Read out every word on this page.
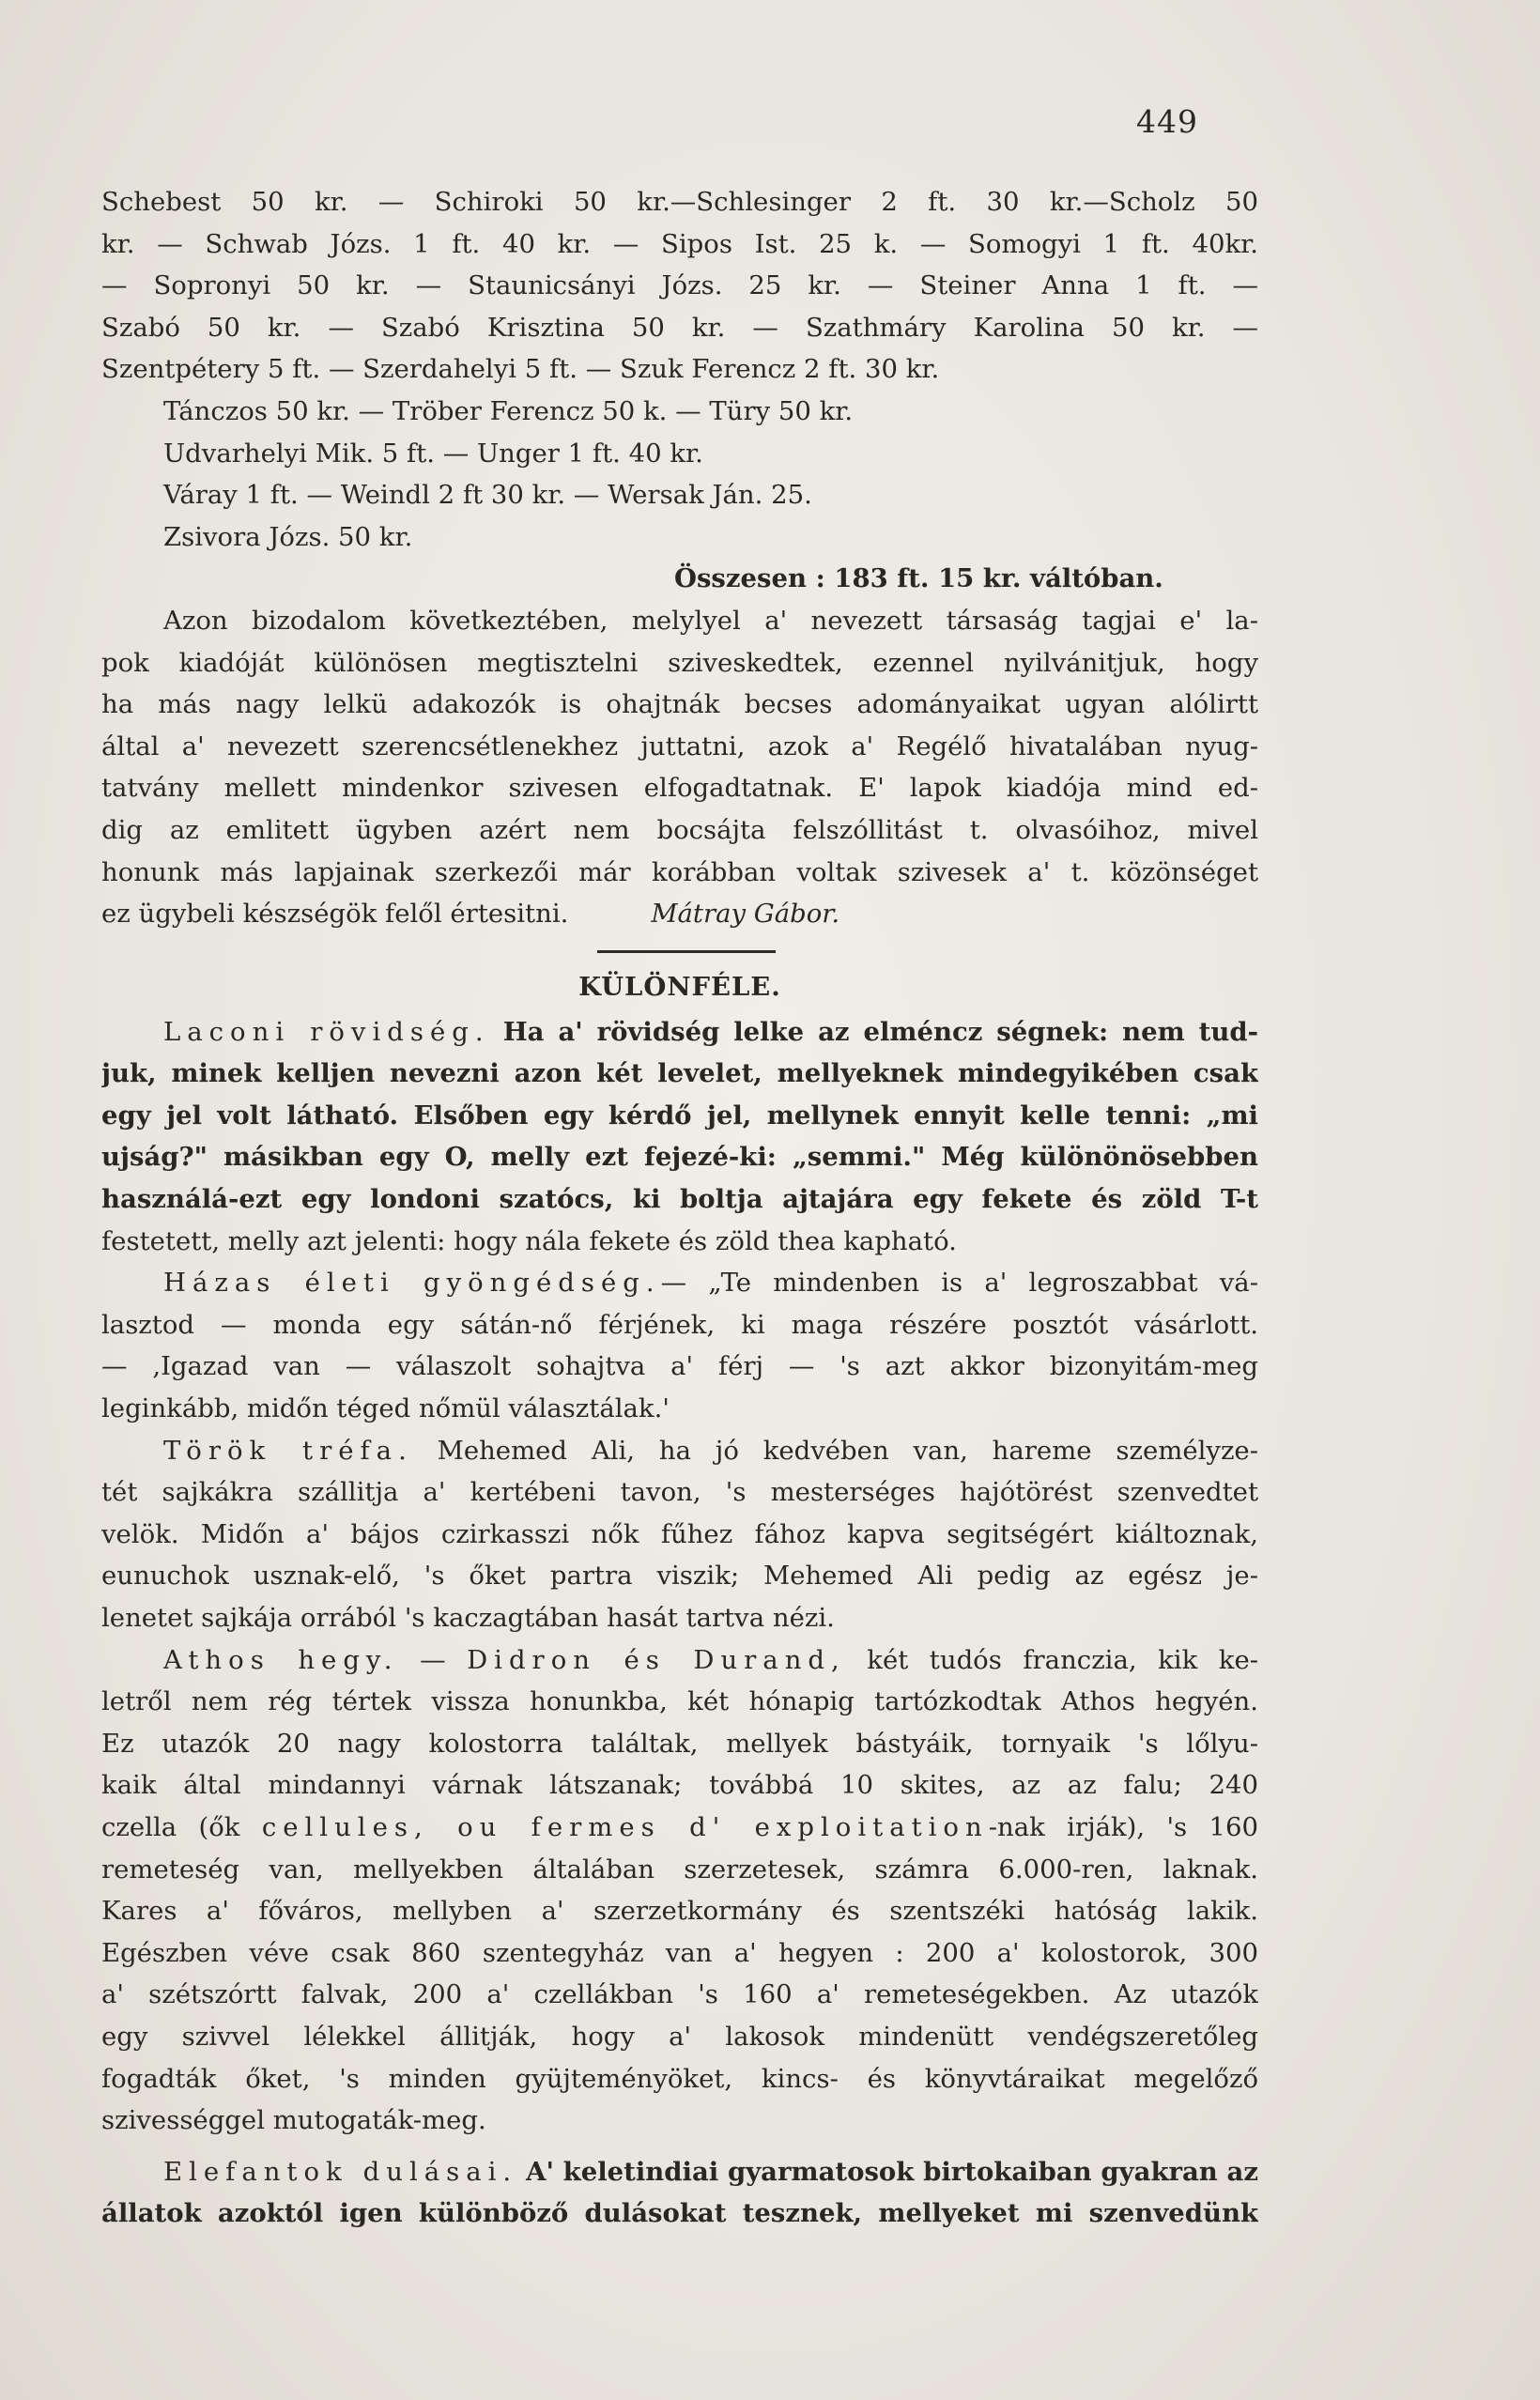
449
Schebest 50 kr. — Schiroki 50 kr.—Schlesinger 2 ft. 30 kr.—Scholz 50
kr. — Schwab Józs. 1 ft. 40 kr. — Sipos Ist. 25 k. — Somogyi 1 ft. 40kr.
— Sopronyi 50 kr. — Staunicsányi Józs. 25 kr. — Steiner Anna 1 ft. —
Szabó 50 kr. — Szabó Krisztina 50 kr. — Szathmáry Karolina 50 kr. —
Szentpétery 5 ft. — Szerdahelyi 5 ft. — Szuk Ferencz 2 ft. 30 kr.
Tánczos 50 kr. — Tröber Ferencz 50 k. — Türy 50 kr.
Udvarhelyi Mik. 5 ft. — Unger 1 ft. 40 kr.
Váray 1 ft. — Weindl 2 ft 30 kr. — Wersak Ján. 25.
Zsivora Józs. 50 kr.
Összesen : 183 ft. 15 kr. váltóban.
Azon bizodalom következtében, melylyel a' nevezett társaság tagjai e' la-
pok kiadóját különösen megtisztelni sziveskedtek, ezennel nyilvánitjuk, hogy
ha más nagy lelkü adakozók is ohajtnák becses adományaikat ugyan alólirtt
által a' nevezett szerencsétlenekhez juttatni, azok a' Regélő hivatalában nyug-
tatvány mellett mindenkor szivesen elfogadtatnak. E' lapok kiadója mind ed-
dig az emlitett ügyben azért nem bocsájta felszóllitást t. olvasóihoz, mivel
honunk más lapjainak szerkezői már korábban voltak szivesek a' t. közönséget
ez ügybeli készségök felől értesitni.	Mátray Gábor.
KÜLÖNFÉLE.
Laconi rövidség. Ha a' rövidség lelke az elméncz ségnek: nem tud-
juk, minek kelljen nevezni azon két levelet, mellyeknek mindegyikében csak
egy jel volt látható. Elsőben egy kérdő jel, mellynek ennyit kelle tenni: „mi
ujság?" másikban egy O, melly ezt fejezé-ki: „semmi." Még különönösebben
használá-ezt egy londoni szatócs, ki boltja ajtajára egy fekete és zöld T-t
festetett, melly azt jelenti: hogy nála fekete és zöld thea kapható.
Házas életi gyöngédség.— „Te mindenben is a' legroszabbat vá-
lasztod — monda egy sátán-nő férjének, ki maga részére posztót vásárlott.
— ,Igazad van — válaszolt sohajtva a' férj — 's azt akkor bizonyitám-meg
leginkább, midőn téged nőmül választálak.'
Török tréfa. Mehemed Ali, ha jó kedvében van, hareme személyze-
tét sajkákra szállitja a' kertébeni tavon, 's mesterséges hajótörést szenvedtet
velök. Midőn a' bájos czirkasszi nők fűhez fához kapva segitségért kiáltoznak,
eunuchok usznak-elő, 's őket partra viszik; Mehemed Ali pedig az egész je-
lenetet sajkája orrából 's kaczagtában hasát tartva nézi.
Athos hegy. — Didron és Durand, két tudós franczia, kik ke-
letről nem rég tértek vissza honunkba, két hónapig tartózkodtak Athos hegyén.
Ez utazók 20 nagy kolostorra találtak, mellyek bástyáik, tornyaik 's lőlyu-
kaik által mindannyi várnak látszanak; továbbá 10 skites, az az falu; 240
czella (ők cellules, ou fermes d' exploitation-nak irják), 's 160
remeteség van, mellyekben általában szerzetesek, számra 6.000-ren, laknak.
Kares a' főváros, mellyben a' szerzetkormány és szentszéki hatóság lakik.
Egészben véve csak 860 szentegyház van a' hegyen : 200 a' kolostorok, 300
a' szétszórtt falvak, 200 a' czellákban 's 160 a' remeteségekben. Az utazók
egy szivvel lélekkel állitják, hogy a' lakosok mindenütt vendégszeretőleg
fogadták őket, 's minden gyüjteményöket, kincs- és könyvtáraikat megelőző
szivességgel mutogaták-meg.
Elefantok dulásai. A' keletindiai gyarmatosok birtokaiban gyakran az
állatok azoktól igen különböző dulásokat tesznek, mellyeket mi szenvedünk
